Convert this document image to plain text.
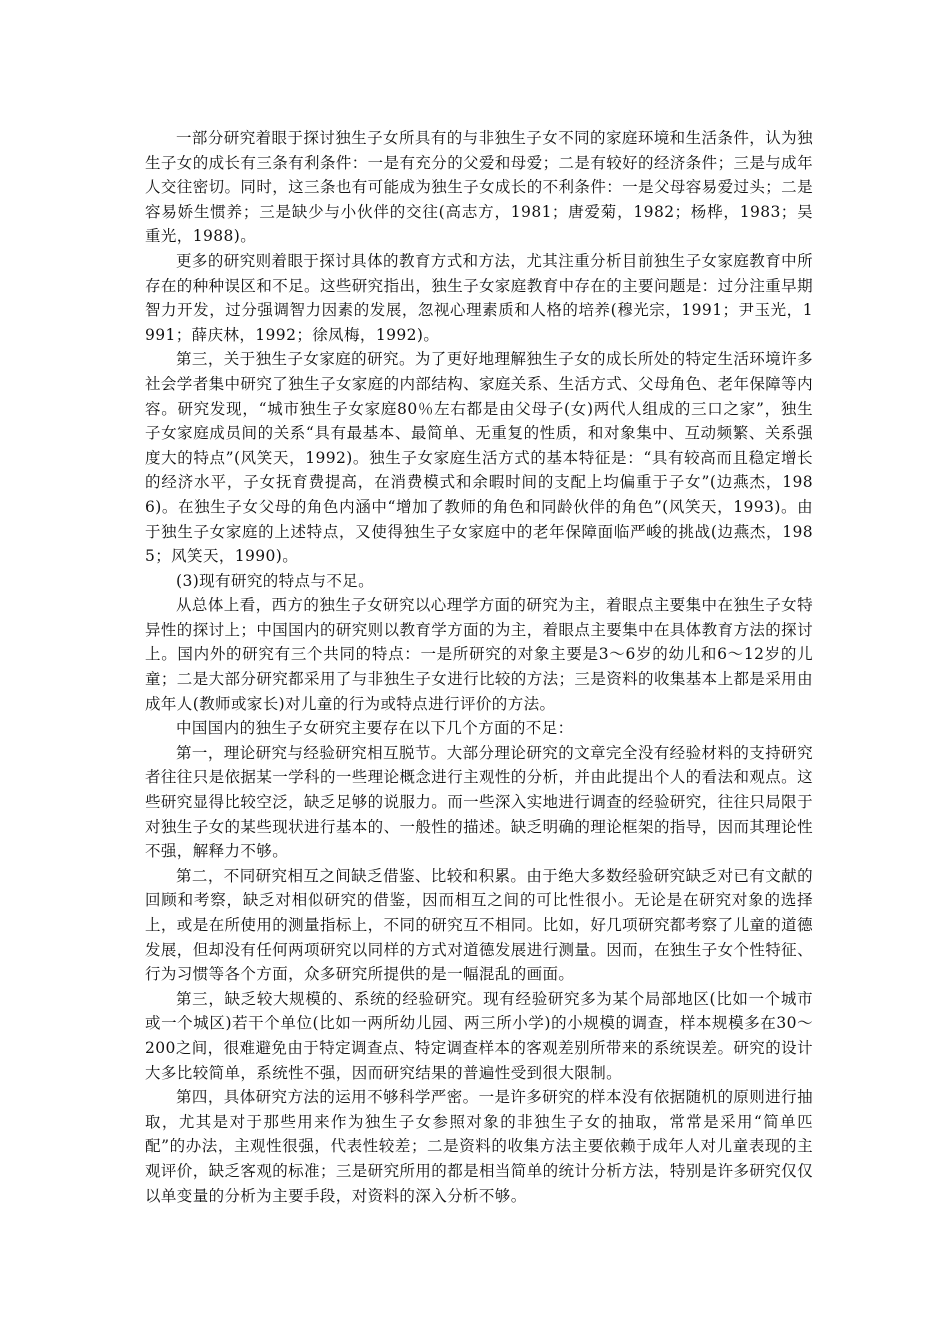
一部分研究着眼于探讨独生子女所具有的与非独生子女不同的家庭环境和生活条件，认为独生子女的成长有三条有利条件：一是有充分的父爱和母爱；二是有较好的经济条件；三是与成年人交往密切。同时，这三条也有可能成为独生子女成长的不利条件：一是父母容易爱过头；二是容易娇生惯养；三是缺少与小伙伴的交往(高志方，1981；唐爱菊，1982；杨桦，1983；吴重光，1988)。

更多的研究则着眼于探讨具体的教育方式和方法，尤其注重分析目前独生子女家庭教育中所存在的种种误区和不足。这些研究指出，独生子女家庭教育中存在的主要问题是：过分注重早期智力开发，过分强调智力因素的发展，忽视心理素质和人格的培养(穆光宗，1991；尹玉光，1991；薛庆林，1992；徐凤梅，1992)。

第三，关于独生子女家庭的研究。为了更好地理解独生子女的成长所处的特定生活环境许多社会学者集中研究了独生子女家庭的内部结构、家庭关系、生活方式、父母角色、老年保障等内容。研究发现，“城市独生子女家庭80％左右都是由父母子(女)两代人组成的三口之家”，独生子女家庭成员间的关系“具有最基本、最简单、无重复的性质，和对象集中、互动频繁、关系强度大的特点”(风笑天，1992)。独生子女家庭生活方式的基本特征是：“具有较高而且稳定增长的经济水平，子女抚育费提高，在消费模式和余暇时间的支配上均偏重于子女”(边燕杰，1986)。在独生子女父母的角色内涵中“增加了教师的角色和同龄伙伴的角色”(风笑天，1993)。由于独生子女家庭的上述特点，又使得独生子女家庭中的老年保障面临严峻的挑战(边燕杰，1985；风笑天，1990)。

(3)现有研究的特点与不足。

从总体上看，西方的独生子女研究以心理学方面的研究为主，着眼点主要集中在独生子女特异性的探讨上；中国国内的研究则以教育学方面的为主，着眼点主要集中在具体教育方法的探讨上。国内外的研究有三个共同的特点：一是所研究的对象主要是3～6岁的幼儿和6～12岁的儿童；二是大部分研究都采用了与非独生子女进行比较的方法；三是资料的收集基本上都是采用由成年人(教师或家长)对儿童的行为或特点进行评价的方法。

中国国内的独生子女研究主要存在以下几个方面的不足：

第一，理论研究与经验研究相互脱节。大部分理论研究的文章完全没有经验材料的支持研究者往往只是依据某一学科的一些理论概念进行主观性的分析，并由此提出个人的看法和观点。这些研究显得比较空泛，缺乏足够的说服力。而一些深入实地进行调查的经验研究，往往只局限于对独生子女的某些现状进行基本的、一般性的描述。缺乏明确的理论框架的指导，因而其理论性不强，解释力不够。

第二，不同研究相互之间缺乏借鉴、比较和积累。由于绝大多数经验研究缺乏对已有文献的回顾和考察，缺乏对相似研究的借鉴，因而相互之间的可比性很小。无论是在研究对象的选择上，或是在所使用的测量指标上，不同的研究互不相同。比如，好几项研究都考察了儿童的道德发展，但却没有任何两项研究以同样的方式对道德发展进行测量。因而，在独生子女个性特征、行为习惯等各个方面，众多研究所提供的是一幅混乱的画面。

第三，缺乏较大规模的、系统的经验研究。现有经验研究多为某个局部地区(比如一个城市或一个城区)若干个单位(比如一两所幼儿园、两三所小学)的小规模的调查，样本规模多在30～200之间，很难避免由于特定调查点、特定调查样本的客观差别所带来的系统误差。研究的设计大多比较简单，系统性不强，因而研究结果的普遍性受到很大限制。

第四，具体研究方法的运用不够科学严密。一是许多研究的样本没有依据随机的原则进行抽取，尤其是对于那些用来作为独生子女参照对象的非独生子女的抽取，常常是采用“简单匹配”的办法，主观性很强，代表性较差；二是资料的收集方法主要依赖于成年人对儿童表现的主观评价，缺乏客观的标准；三是研究所用的都是相当简单的统计分析方法，特别是许多研究仅仅以单变量的分析为主要手段，对资料的深入分析不够。
